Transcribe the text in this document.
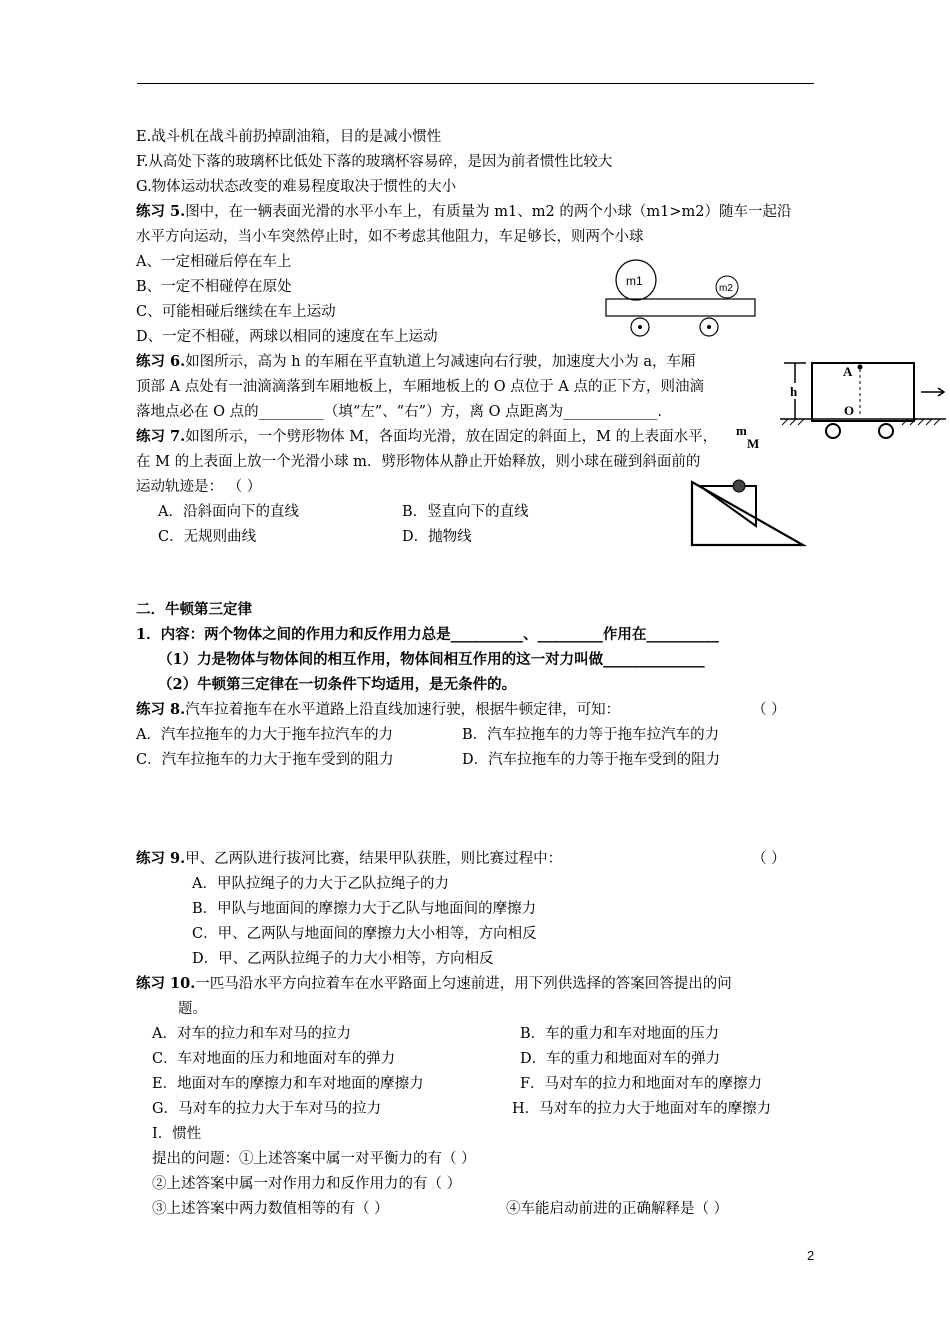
E.战斗机在战斗前扔掉副油箱，目的是减小惯性
F.从高处下落的玻璃杯比低处下落的玻璃杯容易碎，是因为前者惯性比较大
G.物体运动状态改变的难易程度取决于惯性的大小
练习 5.图中，在一辆表面光滑的水平小车上，有质量为 m1、m2 的两个小球（m1>m2）随车一起沿
水平方向运动，当小车突然停止时，如不考虑其他阻力，车足够长，则两个小球
A、一定相碰后停在车上
B、一定不相碰停在原处
C、可能相碰后继续在车上运动
D、一定不相碰，两球以相同的速度在车上运动
m1
m2
练习 6.如图所示，高为 h 的车厢在平直轨道上匀减速向右行驶，加速度大小为 a，车厢
顶部 A 点处有一油滴滴落到车厢地板上，车厢地板上的 O 点位于 A 点的正下方，则油滴
落地点必在 O 点的_________（填“左”、“右”）方，离 O 点距离为_____________.
h
A
O
练习 7.如图所示，一个劈形物体 M，各面均光滑，放在固定的斜面上，M 的上表面水平，
在 M 的上表面上放一个光滑小球 m．劈形物体从静止开始释放，则小球在碰到斜面前的
运动轨迹是： （ ）
A．沿斜面向下的直线	B．竖直向下的直线
C．无规则曲线	D．抛物线
m
M
二．牛顿第三定律
1．内容：两个物体之间的作用力和反作用力总是__________、_________作用在__________
（1）力是物体与物体间的相互作用，物体间相互作用的这一对力叫做______________
（2）牛顿第三定律在一切条件下均适用，是无条件的。
练习 8.汽车拉着拖车在水平道路上沿直线加速行驶，根据牛顿定律，可知：	（ ）
A．汽车拉拖车的力大于拖车拉汽车的力	B．汽车拉拖车的力等于拖车拉汽车的力
C．汽车拉拖车的力大于拖车受到的阻力	D．汽车拉拖车的力等于拖车受到的阻力
练习 9.甲、乙两队进行拔河比赛，结果甲队获胜，则比赛过程中：	（ ）
A．甲队拉绳子的力大于乙队拉绳子的力
B．甲队与地面间的摩擦力大于乙队与地面间的摩擦力
C．甲、乙两队与地面间的摩擦力大小相等，方向相反
D．甲、乙两队拉绳子的力大小相等，方向相反
练习 10.一匹马沿水平方向拉着车在水平路面上匀速前进，用下列供选择的答案回答提出的问
题。
A．对车的拉力和车对马的拉力	B．车的重力和车对地面的压力
C．车对地面的压力和地面对车的弹力	D．车的重力和地面对车的弹力
E．地面对车的摩擦力和车对地面的摩擦力	F．马对车的拉力和地面对车的摩擦力
G．马对车的拉力大于车对马的拉力	H．马对车的拉力大于地面对车的摩擦力
I．惯性
提出的问题：①上述答案中属一对平衡力的有（ ）
②上述答案中属一对作用力和反作用力的有（ ）
③上述答案中两力数值相等的有（ ）	④车能启动前进的正确解释是（ ）
2
